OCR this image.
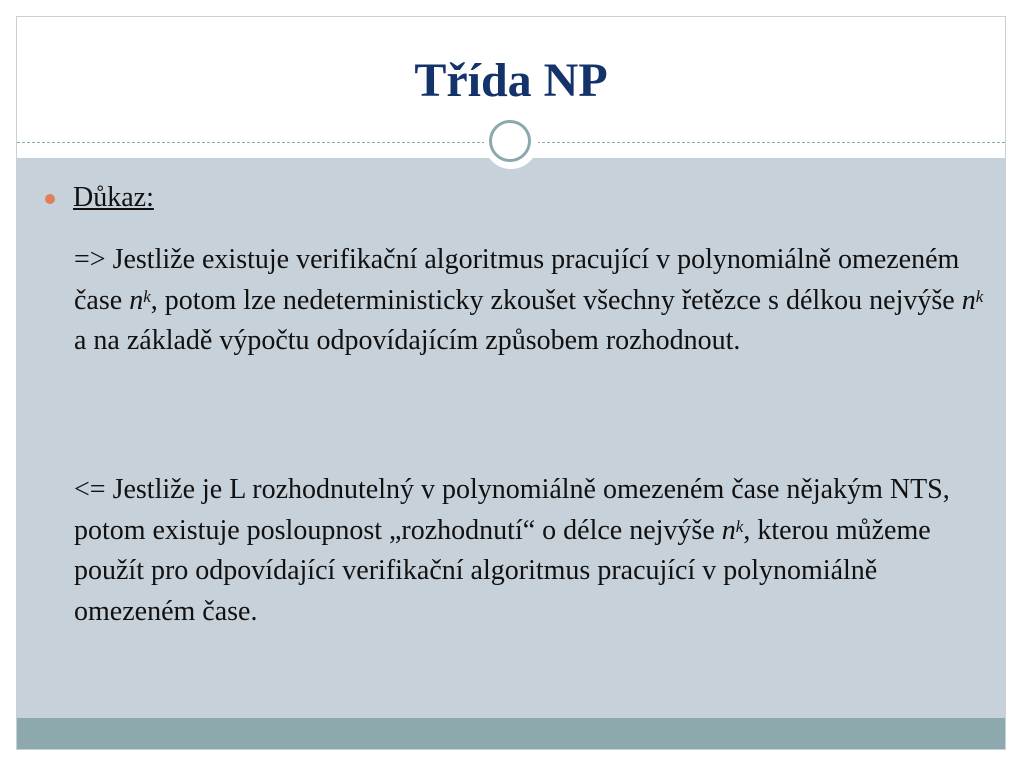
Třída NP
Důkaz:

=> Jestliže existuje verifikační algoritmus pracující v polynomiálně omezeném čase $n^k$, potom lze nedeterministicky zkoušet všechny řetězce s délkou nejvýše $n^k$ a na základě výpočtu odpovídajícím způsobem rozhodnout.

<= Jestliže je L rozhodnutelný v polynomiálně omezeném čase nějakým NTS, potom existuje posloupnost „rozhodnutí“ o délce nejvýše $n^k$, kterou můžeme použít pro odpovídající verifikační algoritmus pracující v polynomiálně omezeném čase.
